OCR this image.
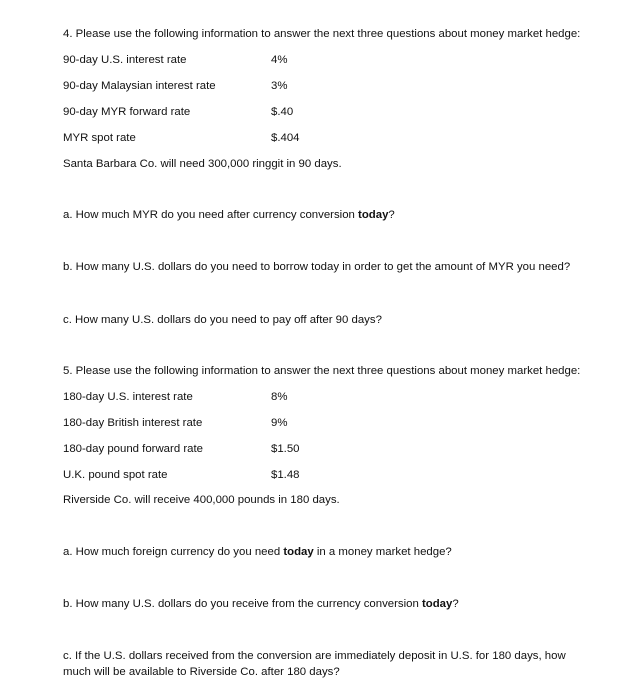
4. Please use the following information to answer the next three questions about money market hedge:
90-day U.S. interest rate	4%
90-day Malaysian interest rate	3%
90-day MYR forward rate	$.40
MYR spot rate	$.404
Santa Barbara Co. will need 300,000 ringgit in 90 days.
a. How much MYR do you need after currency conversion today?
b. How many U.S. dollars do you need to borrow today in order to get the amount of MYR you need?
c. How many U.S. dollars do you need to pay off after 90 days?
5. Please use the following information to answer the next three questions about money market hedge:
180-day U.S. interest rate	8%
180-day British interest rate	9%
180-day pound forward rate	$1.50
U.K. pound spot rate	$1.48
Riverside Co. will receive 400,000 pounds in 180 days.
a. How much foreign currency do you need today in a money market hedge?
b. How many U.S. dollars do you receive from the currency conversion today?
c. If the U.S. dollars received from the conversion are immediately deposit in U.S. for 180 days, how much will be available to Riverside Co. after 180 days?
